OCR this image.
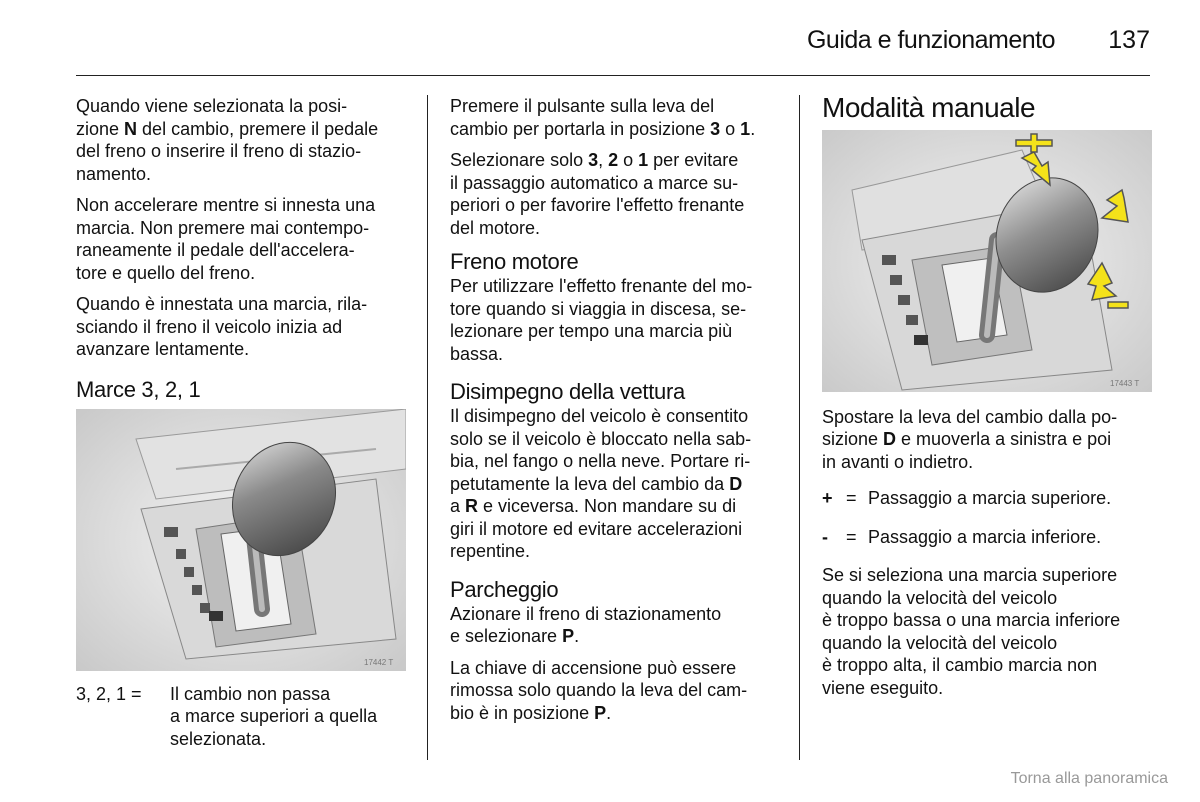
Guida e funzionamento 137

Quando viene selezionata la posi-
zione N del cambio, premere il pedale
del freno o inserire il freno di stazio-
namento.

Non accelerare mentre si innesta una
marcia. Non premere mai contempo-
raneamente il pedale dell'accelera-
tore e quello del freno.

Quando è innestata una marcia, rila-
sciando il freno il veicolo inizia ad
avanzare lentamente.

Marce 3, 2, 1
17442 T
3, 2, 1 =	Il cambio non passa
a marce superiori a quella
selezionata.

Premere il pulsante sulla leva del
cambio per portarla in posizione 3 o 1.

Selezionare solo 3, 2 o 1 per evitare
il passaggio automatico a marce su-
periori o per favorire l'effetto frenante
del motore.

Freno motore

Per utilizzare l'effetto frenante del mo-
tore quando si viaggia in discesa, se-
lezionare per tempo una marcia più
bassa.

Disimpegno della vettura

Il disimpegno del veicolo è consentito
solo se il veicolo è bloccato nella sab-
bia, nel fango o nella neve. Portare ri-
petutamente la leva del cambio da D
a R e viceversa. Non mandare su di
giri il motore ed evitare accelerazioni
repentine.

Parcheggio

Azionare il freno di stazionamento
e selezionare P.

La chiave di accensione può essere
rimossa solo quando la leva del cam-
bio è in posizione P.

Modalità manuale
17443 T

Spostare la leva del cambio dalla po-
sizione D e muoverla a sinistra e poi
in avanti o indietro.

+ = Passaggio a marcia superiore.
-	= Passaggio a marcia inferiore.

Se si seleziona una marcia superiore
quando la velocità del veicolo
è troppo bassa o una marcia inferiore
quando la velocità del veicolo
è troppo alta, il cambio marcia non
viene eseguito.

Torna alla panoramica
